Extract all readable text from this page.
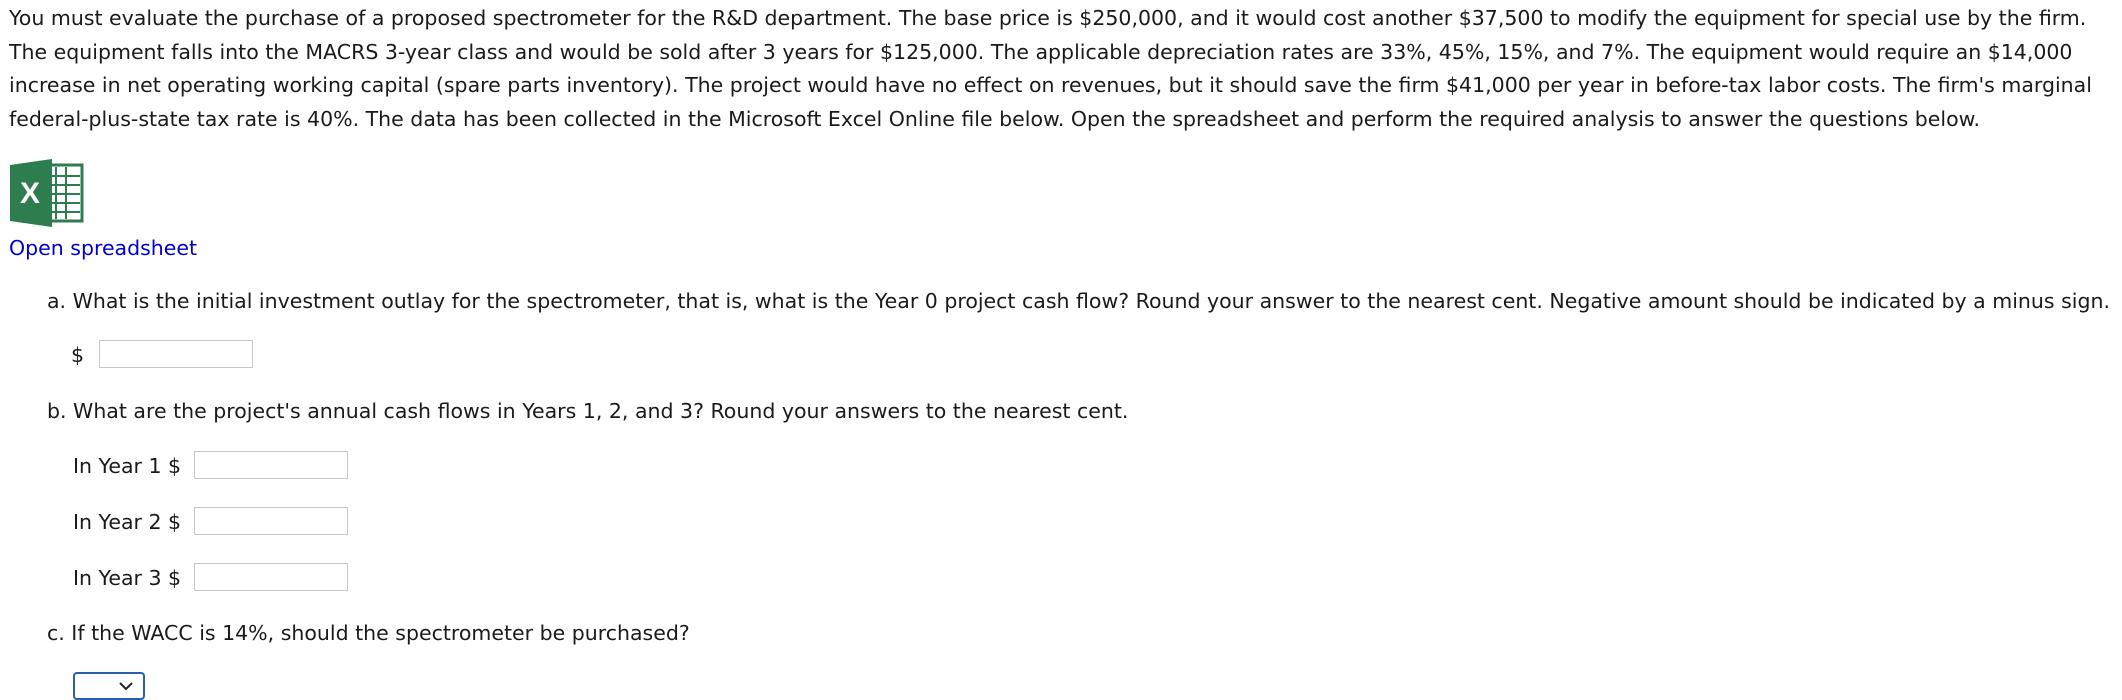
You must evaluate the purchase of a proposed spectrometer for the R&D department. The base price is $250,000, and it would cost another $37,500 to modify the equipment for special use by the firm. The equipment falls into the MACRS 3-year class and would be sold after 3 years for $125,000. The applicable depreciation rates are 33%, 45%, 15%, and 7%. The equipment would require an $14,000 increase in net operating working capital (spare parts inventory). The project would have no effect on revenues, but it should save the firm $41,000 per year in before-tax labor costs. The firm's marginal federal-plus-state tax rate is 40%. The data has been collected in the Microsoft Excel Online file below. Open the spreadsheet and perform the required analysis to answer the questions below.

X
Open spreadsheet
a. What is the initial investment outlay for the spectrometer, that is, what is the Year 0 project cash flow? Round your answer to the nearest cent. Negative amount should be indicated by a minus sign.
$
b. What are the project's annual cash flows in Years 1, 2, and 3? Round your answers to the nearest cent.
In Year 1 $
In Year 2 $
In Year 3 $
c. If the WACC is 14%, should the spectrometer be purchased?
